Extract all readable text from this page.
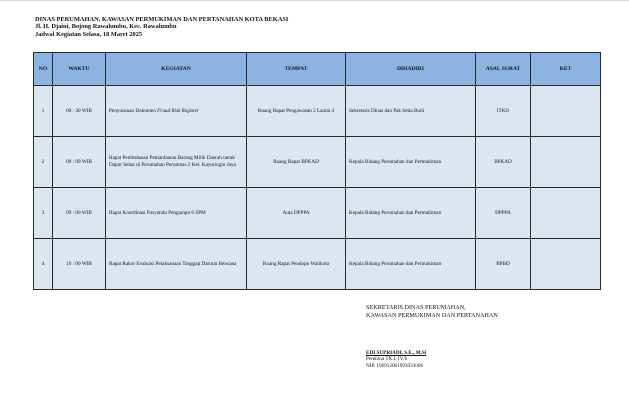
DINAS PERUMAHAN, KAWASAN PERMUKIMAN DAN PERTANAHAN KOTA BEKASI
Jl. H. Djaini, Bojong Rawalumbu, Kec. Rawalumbu
Jadwal Kegiatan Selasa, 18 Maret 2025
NO	WAKTU	KEGIATAN	TEMPAT	DIHADIRI	ASAL SURAT	KET
1	08 : 30 WIB	Penyusunan Dokumen Fraud Risk Register	Ruang Rapat Pengawasan 2 Lantai 4	Sekretaris Dinas dan Pak Setia Budi	ITKO	
2	09 : 00 WIB	Rapat Pembahasan Pemanfaatan Barang Milik Daerah untuk Dapur Sehat di Perumahan Perumnas 2 Kel. Kayuringin Jaya	Ruang Rapat BPKAD	Kepala Bidang Perumahan dan Permukiman	BPKAD	
3	09 : 00 WIB	Rapat Koordinasi Posyandu Pengampu 6 SPM	Aula DPPPA	Kepala Bidang Perumahan dan Permukiman	DPPPA	
4	10 : 00 WIB	Rapat Rakor Evaluasi Pelaksanaan Tanggap Darurat Bencana	Ruang Rapat Pendopo Walikota	Kepala Bidang Perumahan dan Permukiman	BPBD	
SEKRETARIS DINAS PERUMAHAN,
KAWASAN PERMUKIMAN DAN PERTANAHAN
EDI SUPRIADI, S.E., M.Si
Pembina TK.I, IV/b
NIP. 196912061993031006
